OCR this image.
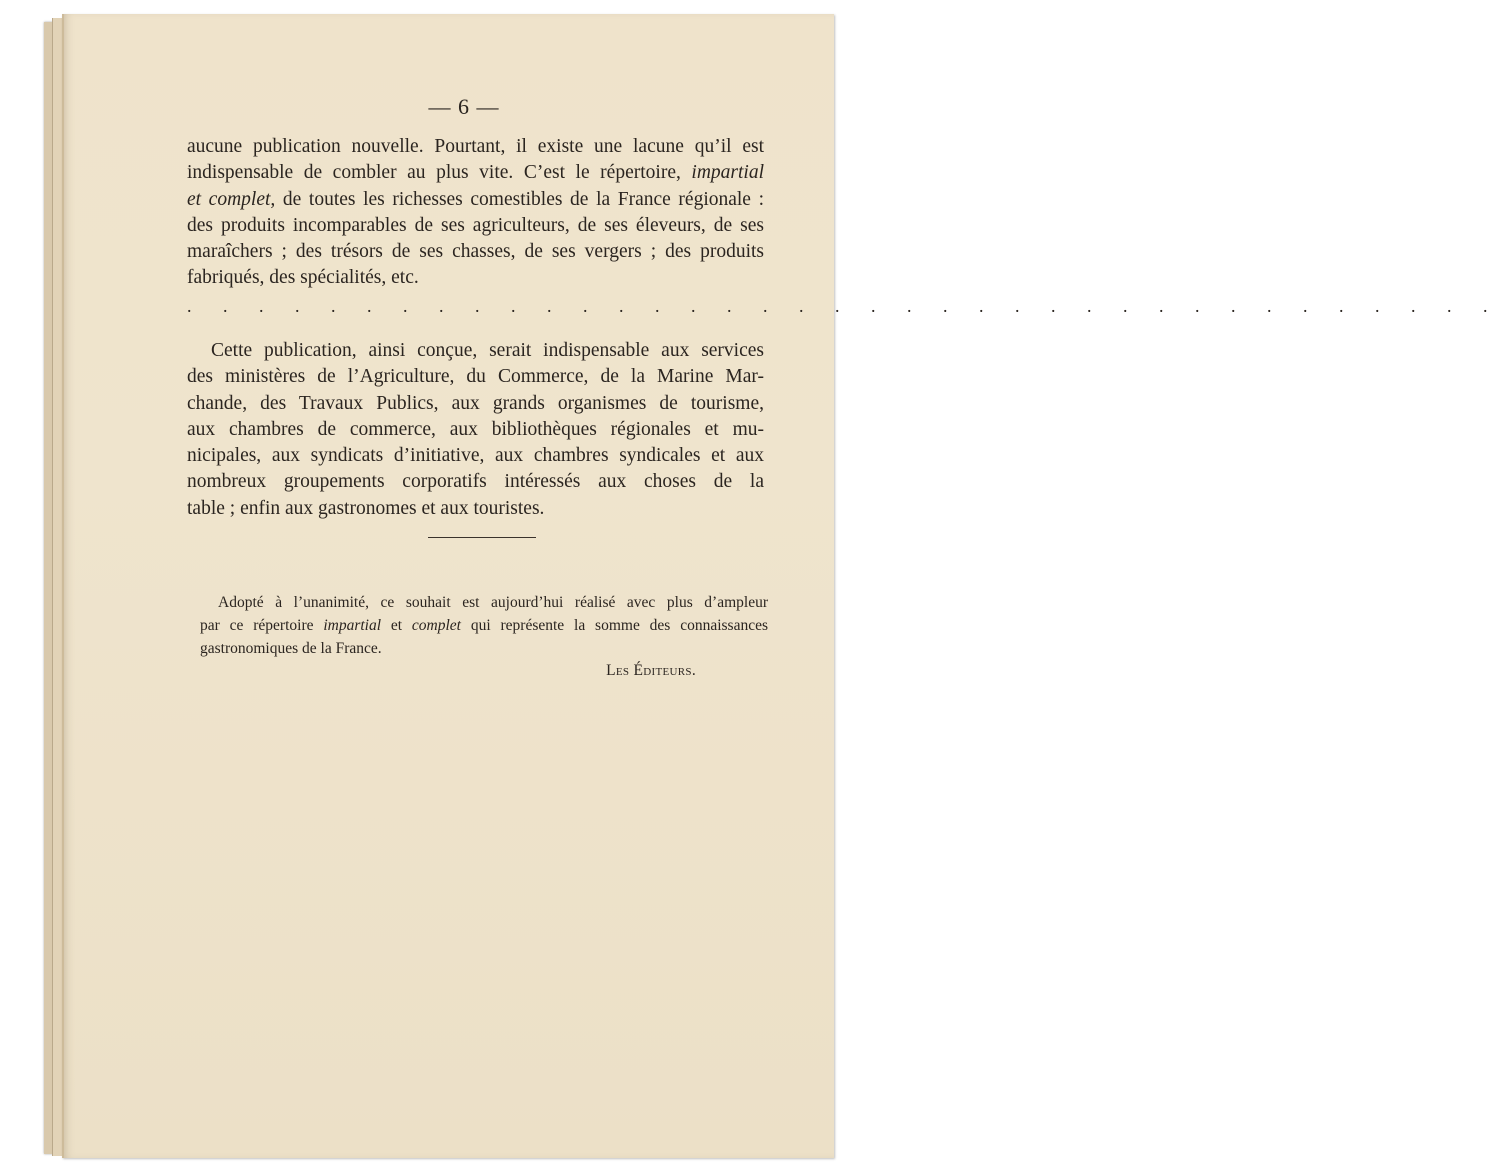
— 6 —
aucune publication nouvelle. Pourtant, il existe une lacune qu’il est
indispensable de combler au plus vite. C’est le répertoire, impartial
et complet, de toutes les richesses comestibles de la France régionale :
des produits incomparables de ses agriculteurs, de ses éleveurs, de ses
maraîchers ; des trésors de ses chasses, de ses vergers ; des produits
fabriqués, des spécialités, etc.
. . . . . . . . . . . . . . . . . . . . . . . . . . . . . . . . . . . . .
Cette publication, ainsi conçue, serait indispensable aux services
des ministères de l’Agriculture, du Commerce, de la Marine Mar-
chande, des Travaux Publics, aux grands organismes de tourisme,
aux chambres de commerce, aux bibliothèques régionales et mu-
nicipales, aux syndicats d’initiative, aux chambres syndicales et aux
nombreux groupements corporatifs intéressés aux choses de la
table ; enfin aux gastronomes et aux touristes.
Adopté à l’unanimité, ce souhait est aujourd’hui réalisé avec plus d’ampleur
par ce répertoire impartial et complet qui représente la somme des connaissances
gastronomiques de la France.
Les Éditeurs.
